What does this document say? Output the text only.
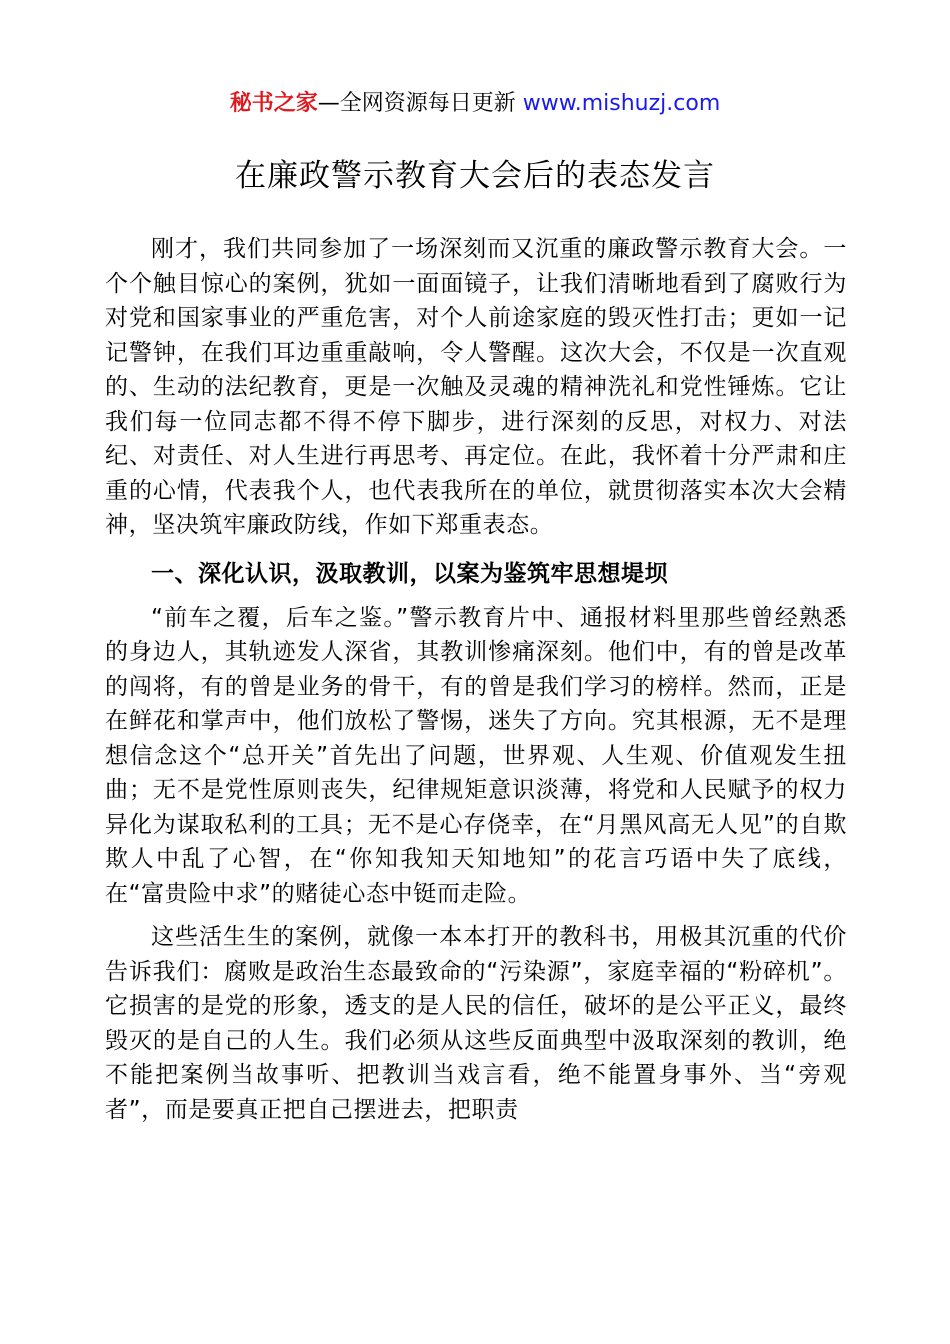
秘书之家—全网资源每日更新 www.mishuzj.com
在廉政警示教育大会后的表态发言

刚才，我们共同参加了一场深刻而又沉重的廉政警示教育大会。一个个触目惊心的案例，犹如一面面镜子，让我们清晰地看到了腐败行为对党和国家事业的严重危害，对个人前途家庭的毁灭性打击；更如一记记警钟，在我们耳边重重敲响，令人警醒。这次大会，不仅是一次直观的、生动的法纪教育，更是一次触及灵魂的精神洗礼和党性锤炼。它让我们每一位同志都不得不停下脚步，进行深刻的反思，对权力、对法纪、对责任、对人生进行再思考、再定位。在此，我怀着十分严肃和庄重的心情，代表我个人，也代表我所在的单位，就贯彻落实本次大会精神，坚决筑牢廉政防线，作如下郑重表态。

一、深化认识，汲取教训，以案为鉴筑牢思想堤坝

“前车之覆，后车之鉴。”警示教育片中、通报材料里那些曾经熟悉的身边人，其轨迹发人深省，其教训惨痛深刻。他们中，有的曾是改革的闯将，有的曾是业务的骨干，有的曾是我们学习的榜样。然而，正是在鲜花和掌声中，他们放松了警惕，迷失了方向。究其根源，无不是理想信念这个“总开关”首先出了问题，世界观、人生观、价值观发生扭曲；无不是党性原则丧失，纪律规矩意识淡薄，将党和人民赋予的权力异化为谋取私利的工具；无不是心存侥幸，在“月黑风高无人见”的自欺欺人中乱了心智，在“你知我知天知地知”的花言巧语中失了底线，在“富贵险中求”的赌徒心态中铤而走险。

这些活生生的案例，就像一本本打开的教科书，用极其沉重的代价告诉我们：腐败是政治生态最致命的“污染源”，家庭幸福的“粉碎机”。它损害的是党的形象，透支的是人民的信任，破坏的是公平正义，最终毁灭的是自己的人生。我们必须从这些反面典型中汲取深刻的教训，绝不能把案例当故事听、把教训当戏言看，绝不能置身事外、当“旁观者”，而是要真正把自己摆进去，把职责
